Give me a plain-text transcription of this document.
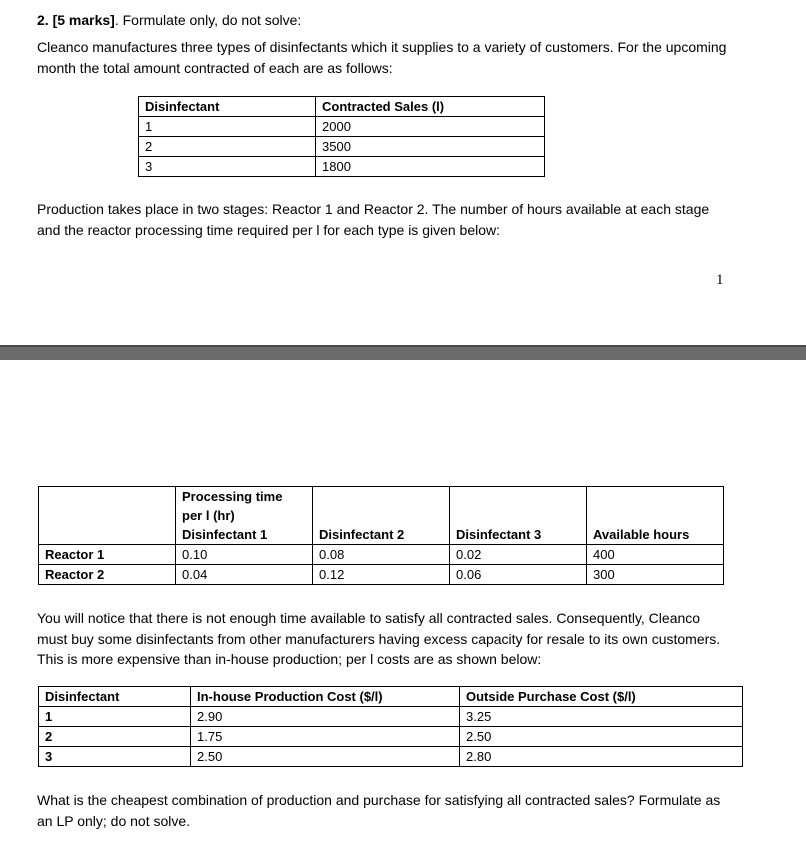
2. [5 marks]. Formulate only, do not solve:

Cleanco manufactures three types of disinfectants which it supplies to a variety of customers. For the upcoming month the total amount contracted of each are as follows:

Disinfectant	Contracted Sales (l)
1	2000
2	3500
3	1800

Production takes place in two stages: Reactor 1 and Reactor 2. The number of hours available at each stage and the reactor processing time required per l for each type is given below:

1
	Processing time			
	per l (hr)			
	Disinfectant 1	Disinfectant 2	Disinfectant 3	Available hours
Reactor 1	0.10	0.08	0.02	400
Reactor 2	0.04	0.12	0.06	300

You will notice that there is not enough time available to satisfy all contracted sales. Consequently, Cleanco must buy some disinfectants from other manufacturers having excess capacity for resale to its own customers. This is more expensive than in-house production; per l costs are as shown below:

Disinfectant	In-house Production Cost ($/l)	Outside Purchase Cost ($/l)
1	2.90	3.25
2	1.75	2.50
3	2.50	2.80

What is the cheapest combination of production and purchase for satisfying all contracted sales? Formulate as an LP only; do not solve.
